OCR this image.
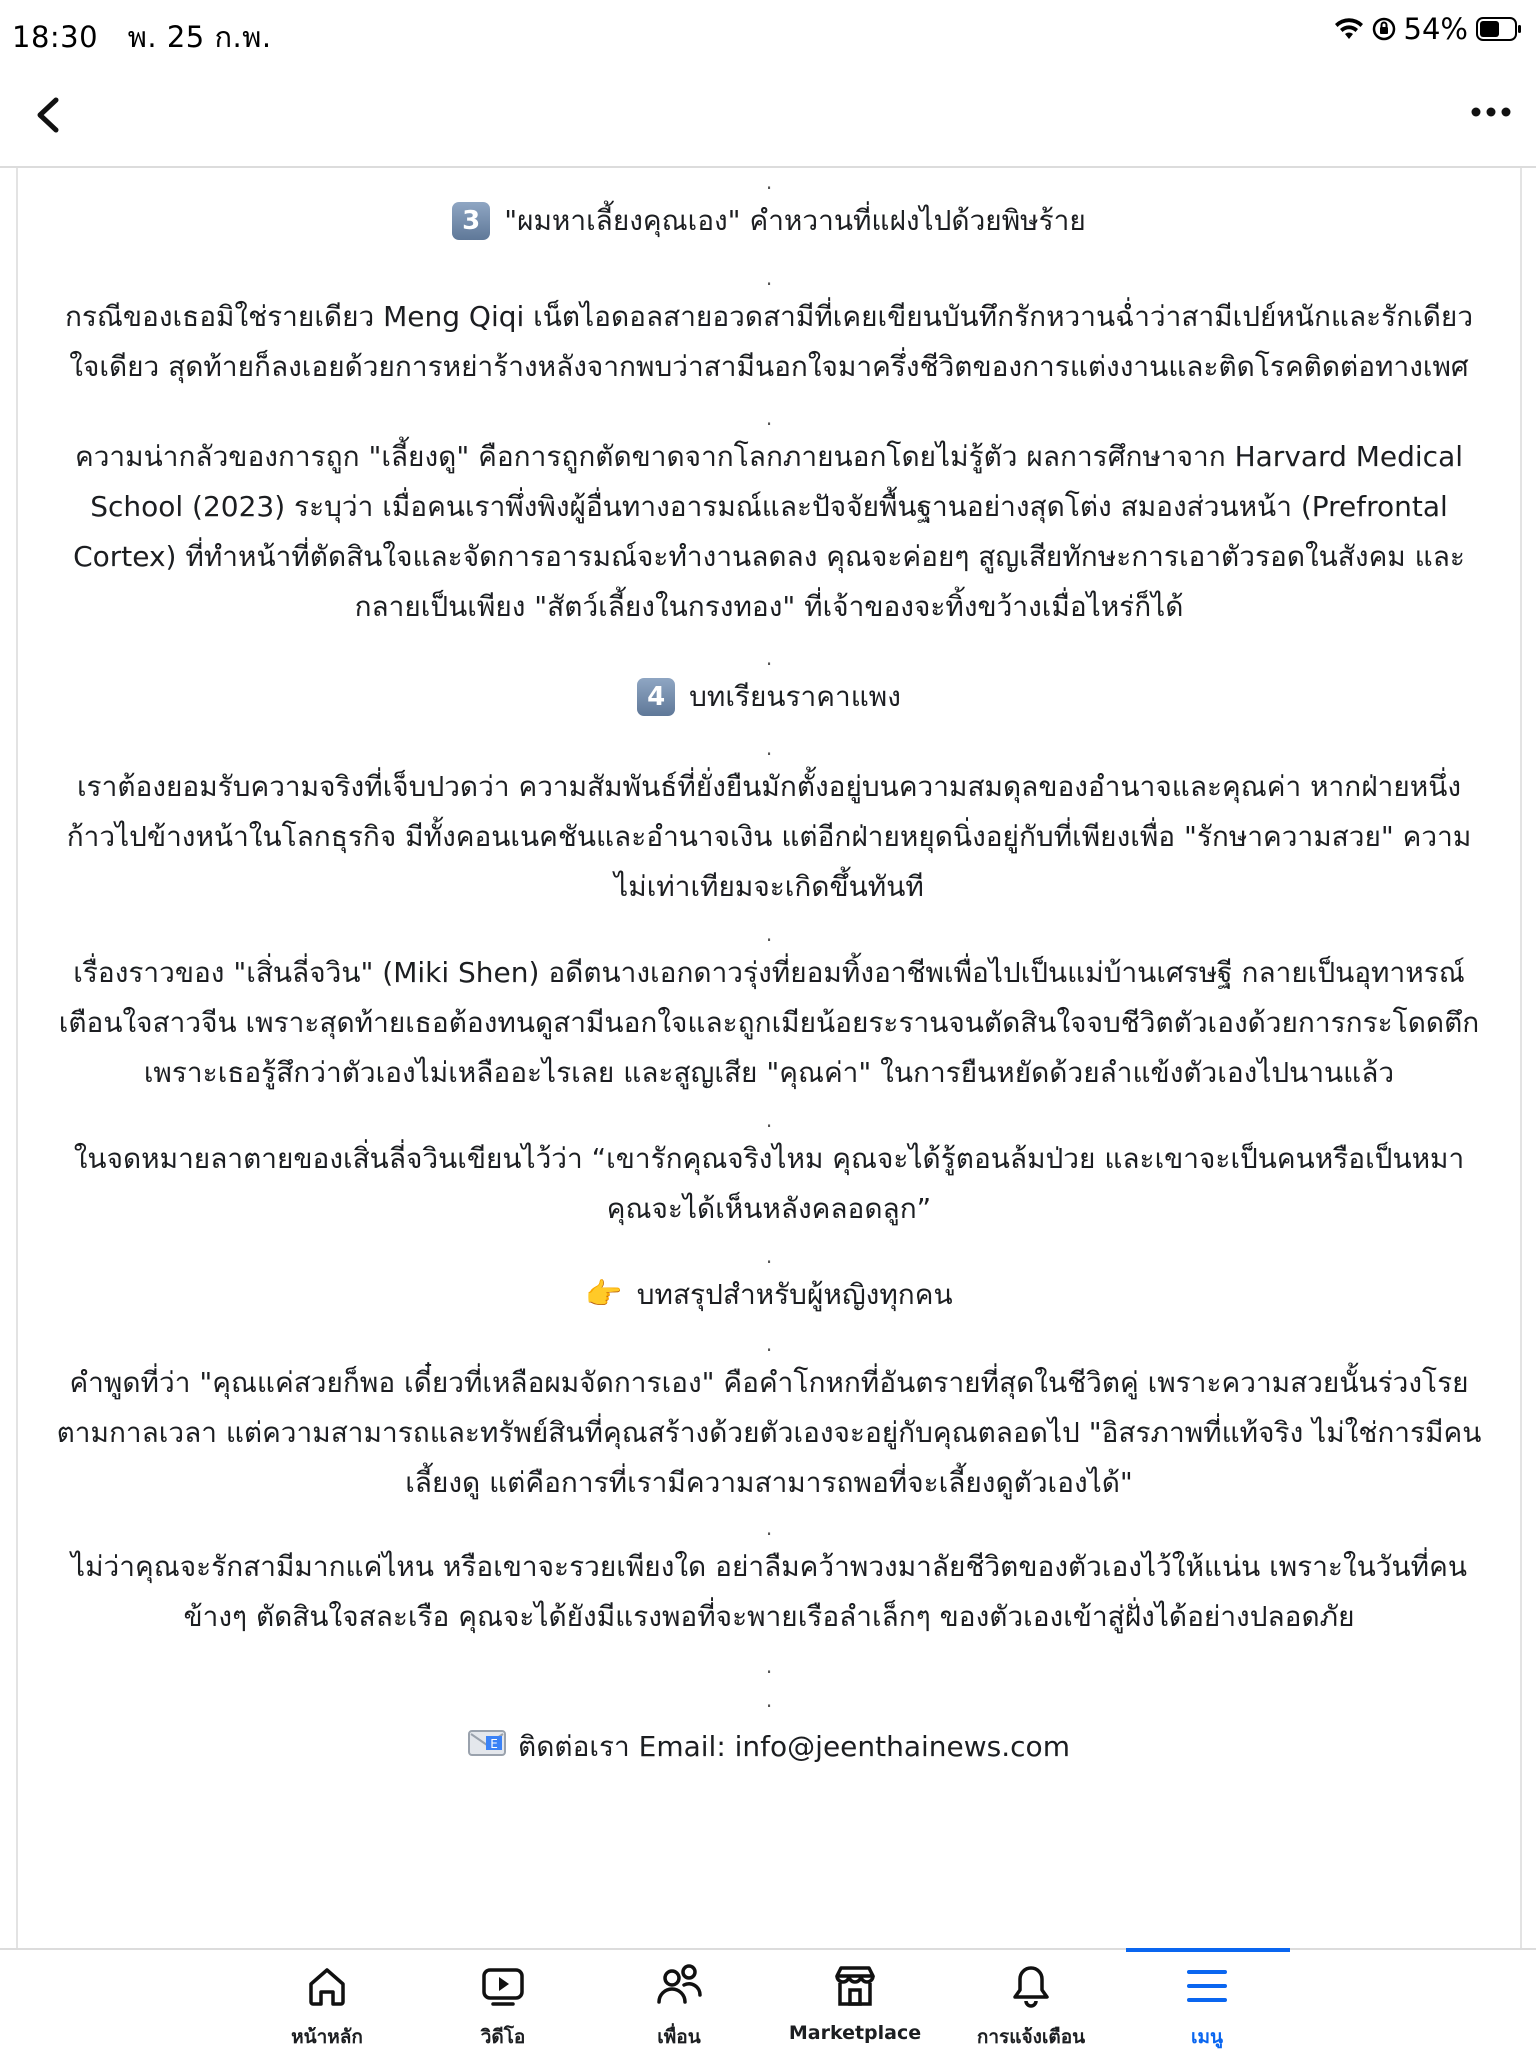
18:30 พ. 25 ก.พ.	54%
.
3 "ผมหาเลี้ยงคุณเอง" คำหวานที่แฝงไปด้วยพิษร้าย
.

กรณีของเธอมิใช่รายเดียว Meng Qiqi เน็ตไอดอลสายอวดสามีที่เคยเขียนบันทึกรักหวานฉ่ำว่าสามีเปย์หนักและรักเดียวใจเดียว สุดท้ายก็ลงเอยด้วยการหย่าร้างหลังจากพบว่าสามีนอกใจมาครึ่งชีวิตของการแต่งงานและติดโรคติดต่อทางเพศ

.

ความน่ากลัวของการถูก "เลี้ยงดู" คือการถูกตัดขาดจากโลกภายนอกโดยไม่รู้ตัว ผลการศึกษาจาก Harvard Medical School (2023) ระบุว่า เมื่อคนเราพึ่งพิงผู้อื่นทางอารมณ์และปัจจัยพื้นฐานอย่างสุดโต่ง สมองส่วนหน้า (Prefrontal Cortex) ที่ทำหน้าที่ตัดสินใจและจัดการอารมณ์จะทำงานลดลง คุณจะค่อยๆ สูญเสียทักษะการเอาตัวรอดในสังคม และกลายเป็นเพียง "สัตว์เลี้ยงในกรงทอง" ที่เจ้าของจะทิ้งขว้างเมื่อไหร่ก็ได้

.
4 บทเรียนราคาแพง
.

เราต้องยอมรับความจริงที่เจ็บปวดว่า ความสัมพันธ์ที่ยั่งยืนมักตั้งอยู่บนความสมดุลของอำนาจและคุณค่า หากฝ่ายหนึ่งก้าวไปข้างหน้าในโลกธุรกิจ มีทั้งคอนเนคชันและอำนาจเงิน แต่อีกฝ่ายหยุดนิ่งอยู่กับที่เพียงเพื่อ "รักษาความสวย" ความไม่เท่าเทียมจะเกิดขึ้นทันที

.

เรื่องราวของ "เสิ่นลี่จวิน" (Miki Shen) อดีตนางเอกดาวรุ่งที่ยอมทิ้งอาชีพเพื่อไปเป็นแม่บ้านเศรษฐี กลายเป็นอุทาหรณ์เตือนใจสาวจีน เพราะสุดท้ายเธอต้องทนดูสามีนอกใจและถูกเมียน้อยระรานจนตัดสินใจจบชีวิตตัวเองด้วยการกระโดดตึก เพราะเธอรู้สึกว่าตัวเองไม่เหลืออะไรเลย และสูญเสีย "คุณค่า" ในการยืนหยัดด้วยลำแข้งตัวเองไปนานแล้ว

.

ในจดหมายลาตายของเสิ่นลี่จวินเขียนไว้ว่า “เขารักคุณจริงไหม คุณจะได้รู้ตอนล้มป่วย และเขาจะเป็นคนหรือเป็นหมา คุณจะได้เห็นหลังคลอดลูก”

.
👉 บทสรุปสำหรับผู้หญิงทุกคน
.

คำพูดที่ว่า "คุณแค่สวยก็พอ เดี๋ยวที่เหลือผมจัดการเอง" คือคำโกหกที่อันตรายที่สุดในชีวิตคู่ เพราะความสวยนั้นร่วงโรยตามกาลเวลา แต่ความสามารถและทรัพย์สินที่คุณสร้างด้วยตัวเองจะอยู่กับคุณตลอดไป "อิสรภาพที่แท้จริง ไม่ใช่การมีคนเลี้ยงดู แต่คือการที่เรามีความสามารถพอที่จะเลี้ยงดูตัวเองได้"

.

ไม่ว่าคุณจะรักสามีมากแค่ไหน หรือเขาจะรวยเพียงใด อย่าลืมคว้าพวงมาลัยชีวิตของตัวเองไว้ให้แน่น เพราะในวันที่คนข้างๆ ตัดสินใจสละเรือ คุณจะได้ยังมีแรงพอที่จะพายเรือลำเล็กๆ ของตัวเองเข้าสู่ฝั่งได้อย่างปลอดภัย

.
.

E ติดต่อเรา Email: info@jeenthainews.com

หน้าหลัก	วิดีโอ	เพื่อน	Marketplace	การแจ้งเตือน	เมนู
